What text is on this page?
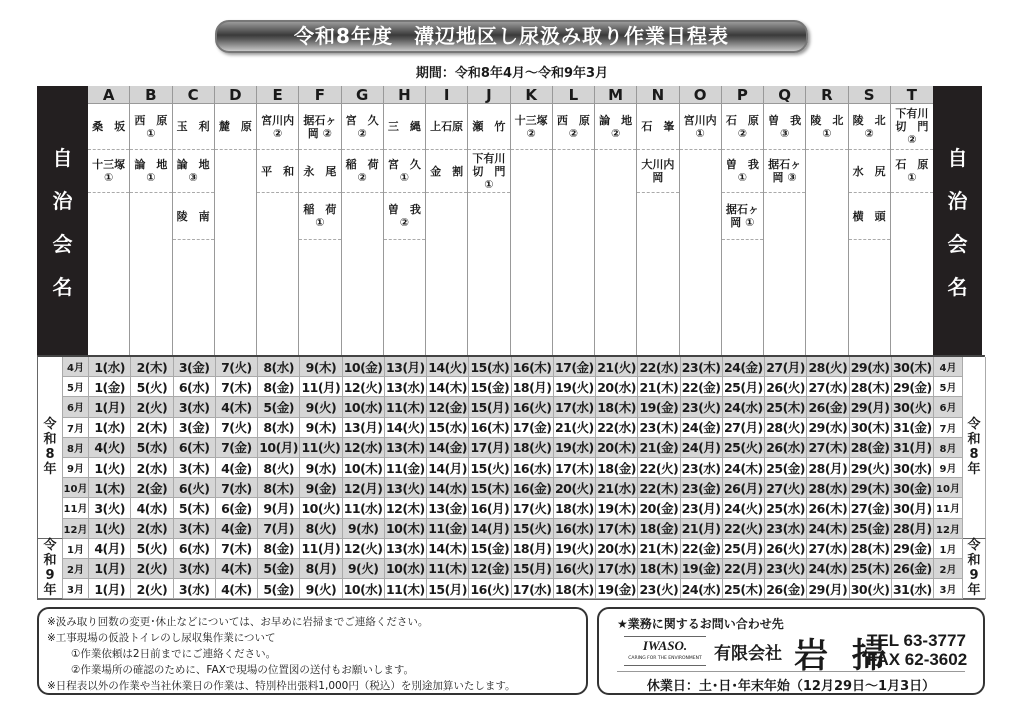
令和8年度　溝辺地区し尿汲み取り作業日程表
期間：令和8年4月～令和9年3月
自
治
会
名
A
桑　坂
十三塚
①
B
西　原
①
論　地
①
C
玉　利
論　地
③
陵　南
D
麓　原
E
宮川内
②
平　和
F
据石ヶ
岡 ②
永　尾
稲　荷
①
G
宮　久
②
稲　荷
②
H
三　縄
宮　久
①
曽　我
②
I
上石原
金　割
J
瀬　竹
下有川
切　門
①
K
十三塚
②
L
西　原
②
M
論　地
②
N
石　峯
大川内
岡
O
宮川内
①
P
石　原
②
曽　我
①
据石ヶ
岡 ①
Q
曽　我
③
据石ヶ
岡 ③
R
陵　北
①
S
陵　北
②
水　尻
横　頭
T
下有川
切　門
②
石　原
①
自
治
会
名
令
和
8
年
4月 1(水) 2(木) 3(金) 7(火) 8(水) 9(木) 10(金) 13(月) 14(火) 15(水) 16(木) 17(金) 21(火) 22(水) 23(木) 24(金) 27(月) 28(火) 29(水) 30(木) 4月
令
和
8
年
5月 1(金) 5(火) 6(水) 7(木) 8(金) 11(月) 12(火) 13(水) 14(木) 15(金) 18(月) 19(火) 20(水) 21(木) 22(金) 25(月) 26(火) 27(水) 28(木) 29(金) 5月
6月 1(月) 2(火) 3(水) 4(木) 5(金) 9(火) 10(水) 11(木) 12(金) 15(月) 16(火) 17(水) 18(木) 19(金) 23(火) 24(水) 25(木) 26(金) 29(月) 30(火) 6月
7月 1(水) 2(木) 3(金) 7(火) 8(水) 9(木) 13(月) 14(火) 15(水) 16(木) 17(金) 21(火) 22(水) 23(木) 24(金) 27(月) 28(火) 29(水) 30(木) 31(金) 7月
8月 4(火) 5(水) 6(木) 7(金) 10(月) 11(火) 12(水) 13(木) 14(金) 17(月) 18(火) 19(水) 20(木) 21(金) 24(月) 25(火) 26(水) 27(木) 28(金) 31(月) 8月
9月 1(火) 2(水) 3(木) 4(金) 8(火) 9(水) 10(木) 11(金) 14(月) 15(火) 16(水) 17(木) 18(金) 22(火) 23(水) 24(木) 25(金) 28(月) 29(火) 30(水) 9月
10月 1(木) 2(金) 6(火) 7(水) 8(木) 9(金) 12(月) 13(火) 14(水) 15(木) 16(金) 20(火) 21(水) 22(木) 23(金) 26(月) 27(火) 28(水) 29(木) 30(金) 10月
11月 3(火) 4(水) 5(木) 6(金) 9(月) 10(火) 11(水) 12(木) 13(金) 16(月) 17(火) 18(水) 19(木) 20(金) 23(月) 24(火) 25(水) 26(木) 27(金) 30(月) 11月
12月 1(火) 2(水) 3(木) 4(金) 7(月) 8(火) 9(水) 10(木) 11(金) 14(月) 15(火) 16(水) 17(木) 18(金) 21(月) 22(火) 23(水) 24(木) 25(金) 28(月) 12月
令
和
9
年
1月 4(月) 5(火) 6(水) 7(木) 8(金) 11(月) 12(火) 13(水) 14(木) 15(金) 18(月) 19(火) 20(水) 21(木) 22(金) 25(月) 26(火) 27(水) 28(木) 29(金) 1月 令
和
9
年
2月 1(月) 2(火) 3(水) 4(木) 5(金) 8(月) 9(火) 10(水) 11(木) 12(金) 15(月) 16(火) 17(水) 18(木) 19(金) 22(月) 23(火) 24(水) 25(木) 26(金) 2月
3月 1(月) 2(火) 3(水) 4(木) 5(金) 9(火) 10(水) 11(木) 15(月) 16(火) 17(水) 18(木) 19(金) 23(火) 24(水) 25(木) 26(金) 29(月) 30(火) 31(水) 3月
※汲み取り回数の変更･休止などについては、お早めに岩掃までご連絡ください。
※工事現場の仮設トイレのし尿収集作業について
①作業依頼は2日前までにご連絡ください。
②作業場所の確認のために、FAXで現場の位置図の送付もお願いします。
※日程表以外の作業や当社休業日の作業は、特別枠出張料1,000円（税込）を別途加算いたします。
★業務に関するお問い合わせ先
IWASO.
CARING FOR THE ENVIRONMENT 有限会社 岩 掃
TEL 63-3777
FAX 62-3602
休業日：土･日･年末年始（12月29日～1月3日）
